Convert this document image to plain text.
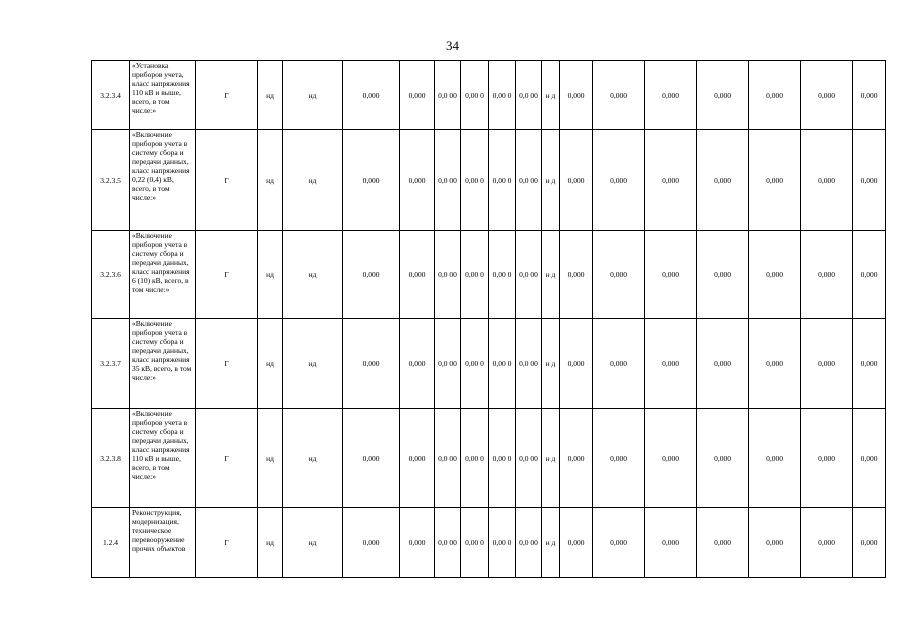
34
3.2.3.4	«Установка приборов учета, класс напряжения 110 кВ и выше, всего, в том числе:»	Г	нд	нд	0,000	0,000	0,0 00	0,00 0	0,00 0	0,0 00	н д	0,000	0,000	0,000	0,000	0,000	0,000	0,000
3.2.3.5	«Включение приборов учета в систему сбора и передачи данных, класс напряжения 0,22 (0,4) кВ, всего, в том числе:»	Г	нд	нд	0,000	0,000	0,0 00	0,00 0	0,00 0	0,0 00	н д	0,000	0,000	0,000	0,000	0,000	0,000	0,000
3.2.3.6	«Включение приборов учета в систему сбора и передачи данных, класс напряжения 6 (10) кВ, всего, в том числе:»	Г	нд	нд	0,000	0,000	0,0 00	0,00 0	0,00 0	0,0 00	н д	0,000	0,000	0,000	0,000	0,000	0,000	0,000
3.2.3.7	«Включение приборов учета в систему сбора и передачи данных, класс напряжения 35 кВ, всего, в том числе:»	Г	нд	нд	0,000	0,000	0,0 00	0,00 0	0,00 0	0,0 00	н д	0,000	0,000	0,000	0,000	0,000	0,000	0,000
3.2.3.8	«Включение приборов учета в систему сбора и передачи данных, класс напряжения 110 кВ и выше, всего, в том числе:»	Г	нд	нд	0,000	0,000	0,0 00	0,00 0	0,00 0	0,0 00	н д	0,000	0,000	0,000	0,000	0,000	0,000	0,000
1.2.4	Реконструкция, модернизация, техническое перевооружение прочих объектов	Г	нд	нд	0,000	0,000	0,0 00	0,00 0	0,00 0	0,0 00	н д	0,000	0,000	0,000	0,000	0,000	0,000	0,000
